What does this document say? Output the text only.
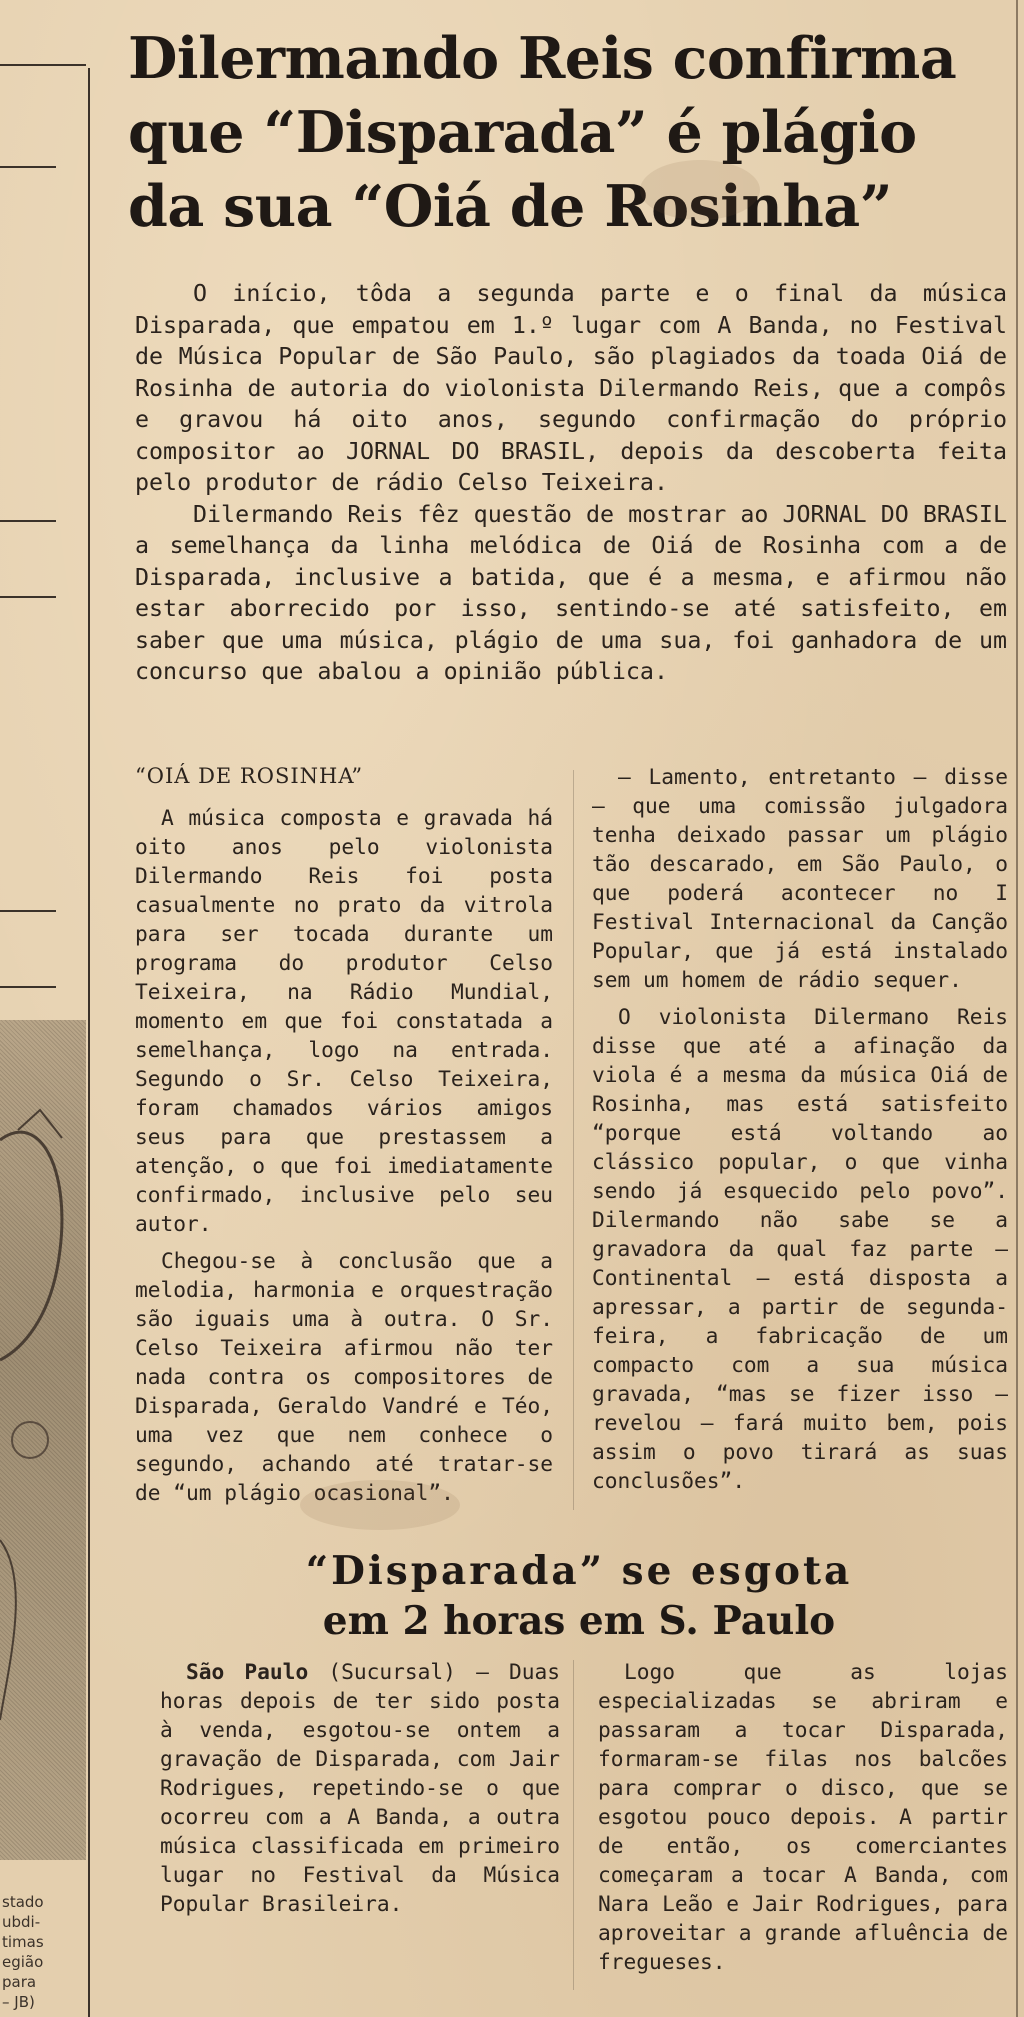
stado
ubdi-
timas
egião
para
– JB)
Dilermando Reis confirma
que “Disparada” é plágio
da sua “Oiá de Rosinha”

O início, tôda a segunda parte e o final da música Disparada, que empatou em 1.º lugar com A Banda, no Festival de Música Popular de São Paulo, são plagiados da toada Oiá de Rosinha de autoria do violonista Dilermando Reis, que a compôs e gravou há oito anos, segundo confirmação do próprio compositor ao JORNAL DO BRASIL, depois da descoberta feita pelo produtor de rádio Celso Teixeira.

Dilermando Reis fêz questão de mostrar ao JORNAL DO BRASIL a semelhança da linha melódica de Oiá de Rosinha com a de Disparada, inclusive a batida, que é a mesma, e afirmou não estar aborrecido por isso, sentindo-se até satisfeito, em saber que uma música, plágio de uma sua, foi ganhadora de um concurso que abalou a opinião pública.

“OIÁ DE ROSINHA”

A música composta e gravada há oito anos pelo violonista Dilermando Reis foi posta casualmente no prato da vitrola para ser tocada durante um programa do produtor Celso Teixeira, na Rádio Mundial, momento em que foi constatada a semelhança, logo na entrada. Segundo o Sr. Celso Teixeira, foram chamados vários amigos seus para que prestassem a atenção, o que foi imediatamente confirmado, inclusive pelo seu autor.

Chegou-se à conclusão que a melodia, harmonia e orquestração são iguais uma à outra. O Sr. Celso Teixeira afirmou não ter nada contra os compositores de Disparada, Geraldo Vandré e Téo, uma vez que nem conhece o segundo, achando até tratar-se de “um plágio ocasional”.

— Lamento, entretanto — disse — que uma comissão julgadora tenha deixado passar um plágio tão descarado, em São Paulo, o que poderá acontecer no I Festival Internacional da Canção Popular, que já está instalado sem um homem de rádio sequer.

O violonista Dilermano Reis disse que até a afinação da viola é a mesma da música Oiá de Rosinha, mas está satisfeito “porque está voltando ao clássico popular, o que vinha sendo já esquecido pelo povo”. Dilermando não sabe se a gravadora da qual faz parte — Continental — está disposta a apressar, a partir de segunda-feira, a fabricação de um compacto com a sua música gravada, “mas se fizer isso — revelou — fará muito bem, pois assim o povo tirará as suas conclusões”.

“Disparada” se esgota
em 2 horas em S. Paulo

São Paulo (Sucursal) — Duas horas depois de ter sido posta à venda, esgotou-se ontem a gravação de Disparada, com Jair Rodrigues, repetindo-se o que ocorreu com a A Banda, a outra música classificada em primeiro lugar no Festival da Música Popular Brasileira.

Logo que as lojas especializadas se abriram e passaram a tocar Disparada, formaram-se filas nos balcões para comprar o disco, que se esgotou pouco depois. A partir de então, os comerciantes começaram a tocar A Banda, com Nara Leão e Jair Rodrigues, para aproveitar a grande afluência de fregueses.
